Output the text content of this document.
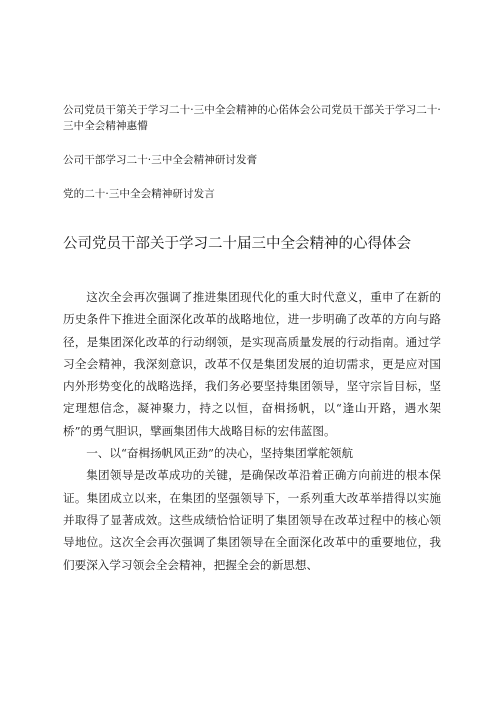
公司党员干第关于学习二十·三中全会精神的心偌体会公司党员干部关于学习二十·三中全会精神惠懵
公司干部学习二十·三中全会精神研讨发膏
党的二十·三中全会精神研讨发言
公司党员干部关于学习二十届三中全会精神的心得体会

这次全会再次强调了推进集团现代化的重大时代意义，重申了在新的历史条件下推进全面深化改革的战略地位，进一步明确了改革的方向与路径，是集团深化改革的行动纲领，是实现高质量发展的行动指南。通过学习全会精神，我深刻意识，改革不仅是集团发展的迫切需求，更是应对国内外形势变化的战略选择，我们务必要坚持集团领导，坚守宗旨目标，坚定理想信念，凝神聚力，持之以恒，奋楫扬帆，以“逢山开路，遇水架桥”的勇气胆识，擘画集团伟大战略目标的宏伟蓝图。

一、以“奋楫扬帆风正劲”的决心，坚持集团掌舵领航

集团领导是改革成功的关键，是确保改革沿着正确方向前进的根本保证。集团成立以来，在集团的坚强领导下，一系列重大改革举措得以实施并取得了显著成效。这些成绩恰恰证明了集团领导在改革过程中的核心领导地位。这次全会再次强调了集团领导在全面深化改革中的重要地位，我们要深入学习领会全会精神，把握全会的新思想、
